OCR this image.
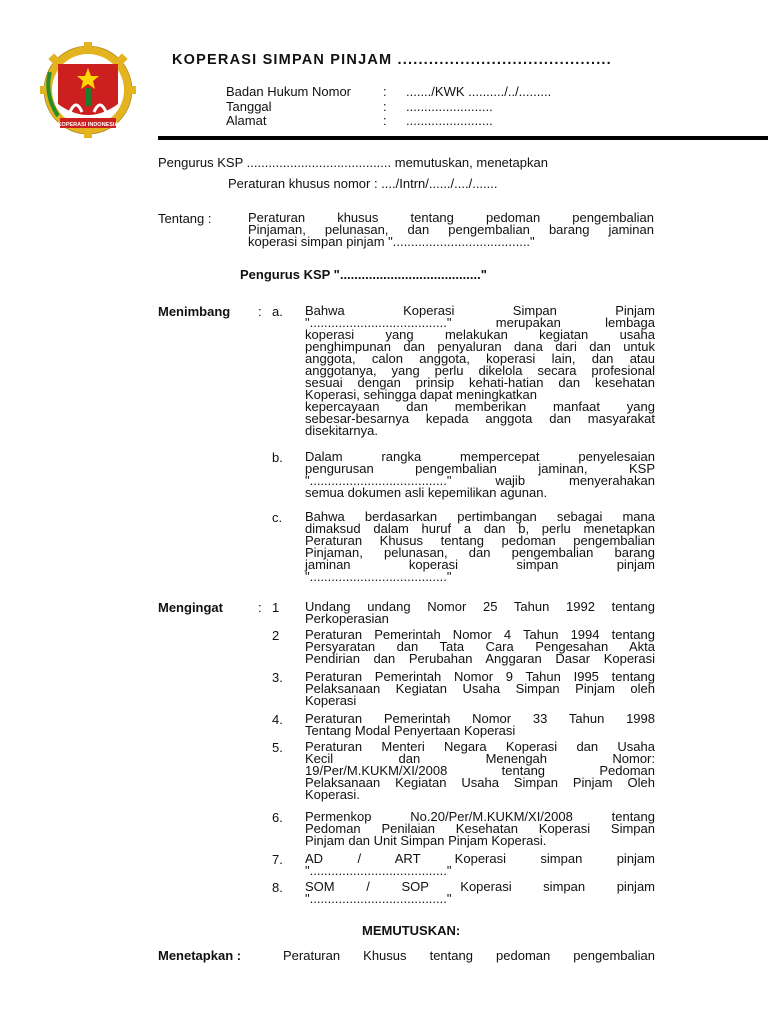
KOPERASI INDONESIA
KOPERASI SIMPAN PINJAM .........................................
Badan Hukum Nomor : ......./KWK ........../../.........
Tanggal	: ........................
Alamat	: ........................
Pengurus KSP ........................................ memutuskan, menetapkan
Peraturan khusus nomor : ..../Intrn/....../..../.......
Tentang :	Peraturan khusus tentang pedoman pengembalian
Pinjaman, pelunasan, dan pengembalian barang jaminan
koperasi simpan pinjam "......................................"
Pengurus KSP "......................................."
Menimbang : a. Bahwa Koperasi Simpan Pinjam
"......................................" merupakan lembaga
koperasi yang melakukan kegiatan usaha
penghimpunan dan penyaluran dana dari dan untuk
anggota, calon anggota, koperasi lain, dan atau
anggotanya, yang perlu dikelola secara profesional
sesuai dengan prinsip kehati-hatian dan kesehatan
Koperasi, sehingga dapat meningkatkan
kepercayaan dan memberikan manfaat yang
sebesar-besarnya kepada anggota dan masyarakat
disekitarnya.
b. Dalam rangka mempercepat penyelesaian
pengurusan pengembalian jaminan, KSP
"......................................" wajib menyerahakan
semua dokumen asli kepemilikan agunan.
c. Bahwa berdasarkan pertimbangan sebagai mana
dimaksud dalam huruf a dan b, perlu menetapkan
Peraturan Khusus tentang pedoman pengembalian
Pinjaman, pelunasan, dan pengembalian barang
jaminan koperasi simpan pinjam
"......................................"
Mengingat	: 1 Undang undang Nomor 25 Tahun 1992 tentang
Perkoperasian
2 Peraturan Pemerintah Nomor 4 Tahun 1994 tentang
Persyaratan dan Tata Cara Pengesahan Akta
Pendirian dan Perubahan Anggaran Dasar Koperasi
3. Peraturan Pemerintah Nomor 9 Tahun I995 tentang
Pelaksanaan Kegiatan Usaha Simpan Pinjam oleh
Koperasi
4. Peraturan Pemerintah Nomor 33 Tahun 1998
Tentang Modal Penyertaan Koperasi
5. Peraturan Menteri Negara Koperasi dan Usaha
Kecil dan Menengah Nomor:
19/Per/M.KUKM/XI/2008 tentang Pedoman
Pelaksanaan Kegiatan Usaha Simpan Pinjam Oleh
Koperasi.
6. Permenkop No.20/Per/M.KUKM/XI/2008 tentang
Pedoman Penilaian Kesehatan Koperasi Simpan
Pinjam dan Unit Simpan Pinjam Koperasi.
7. AD / ART Koperasi simpan pinjam
"......................................"
8. SOM / SOP Koperasi simpan pinjam
"......................................"
MEMUTUSKAN:
Menetapkan :	Peraturan Khusus tentang pedoman pengembalian
